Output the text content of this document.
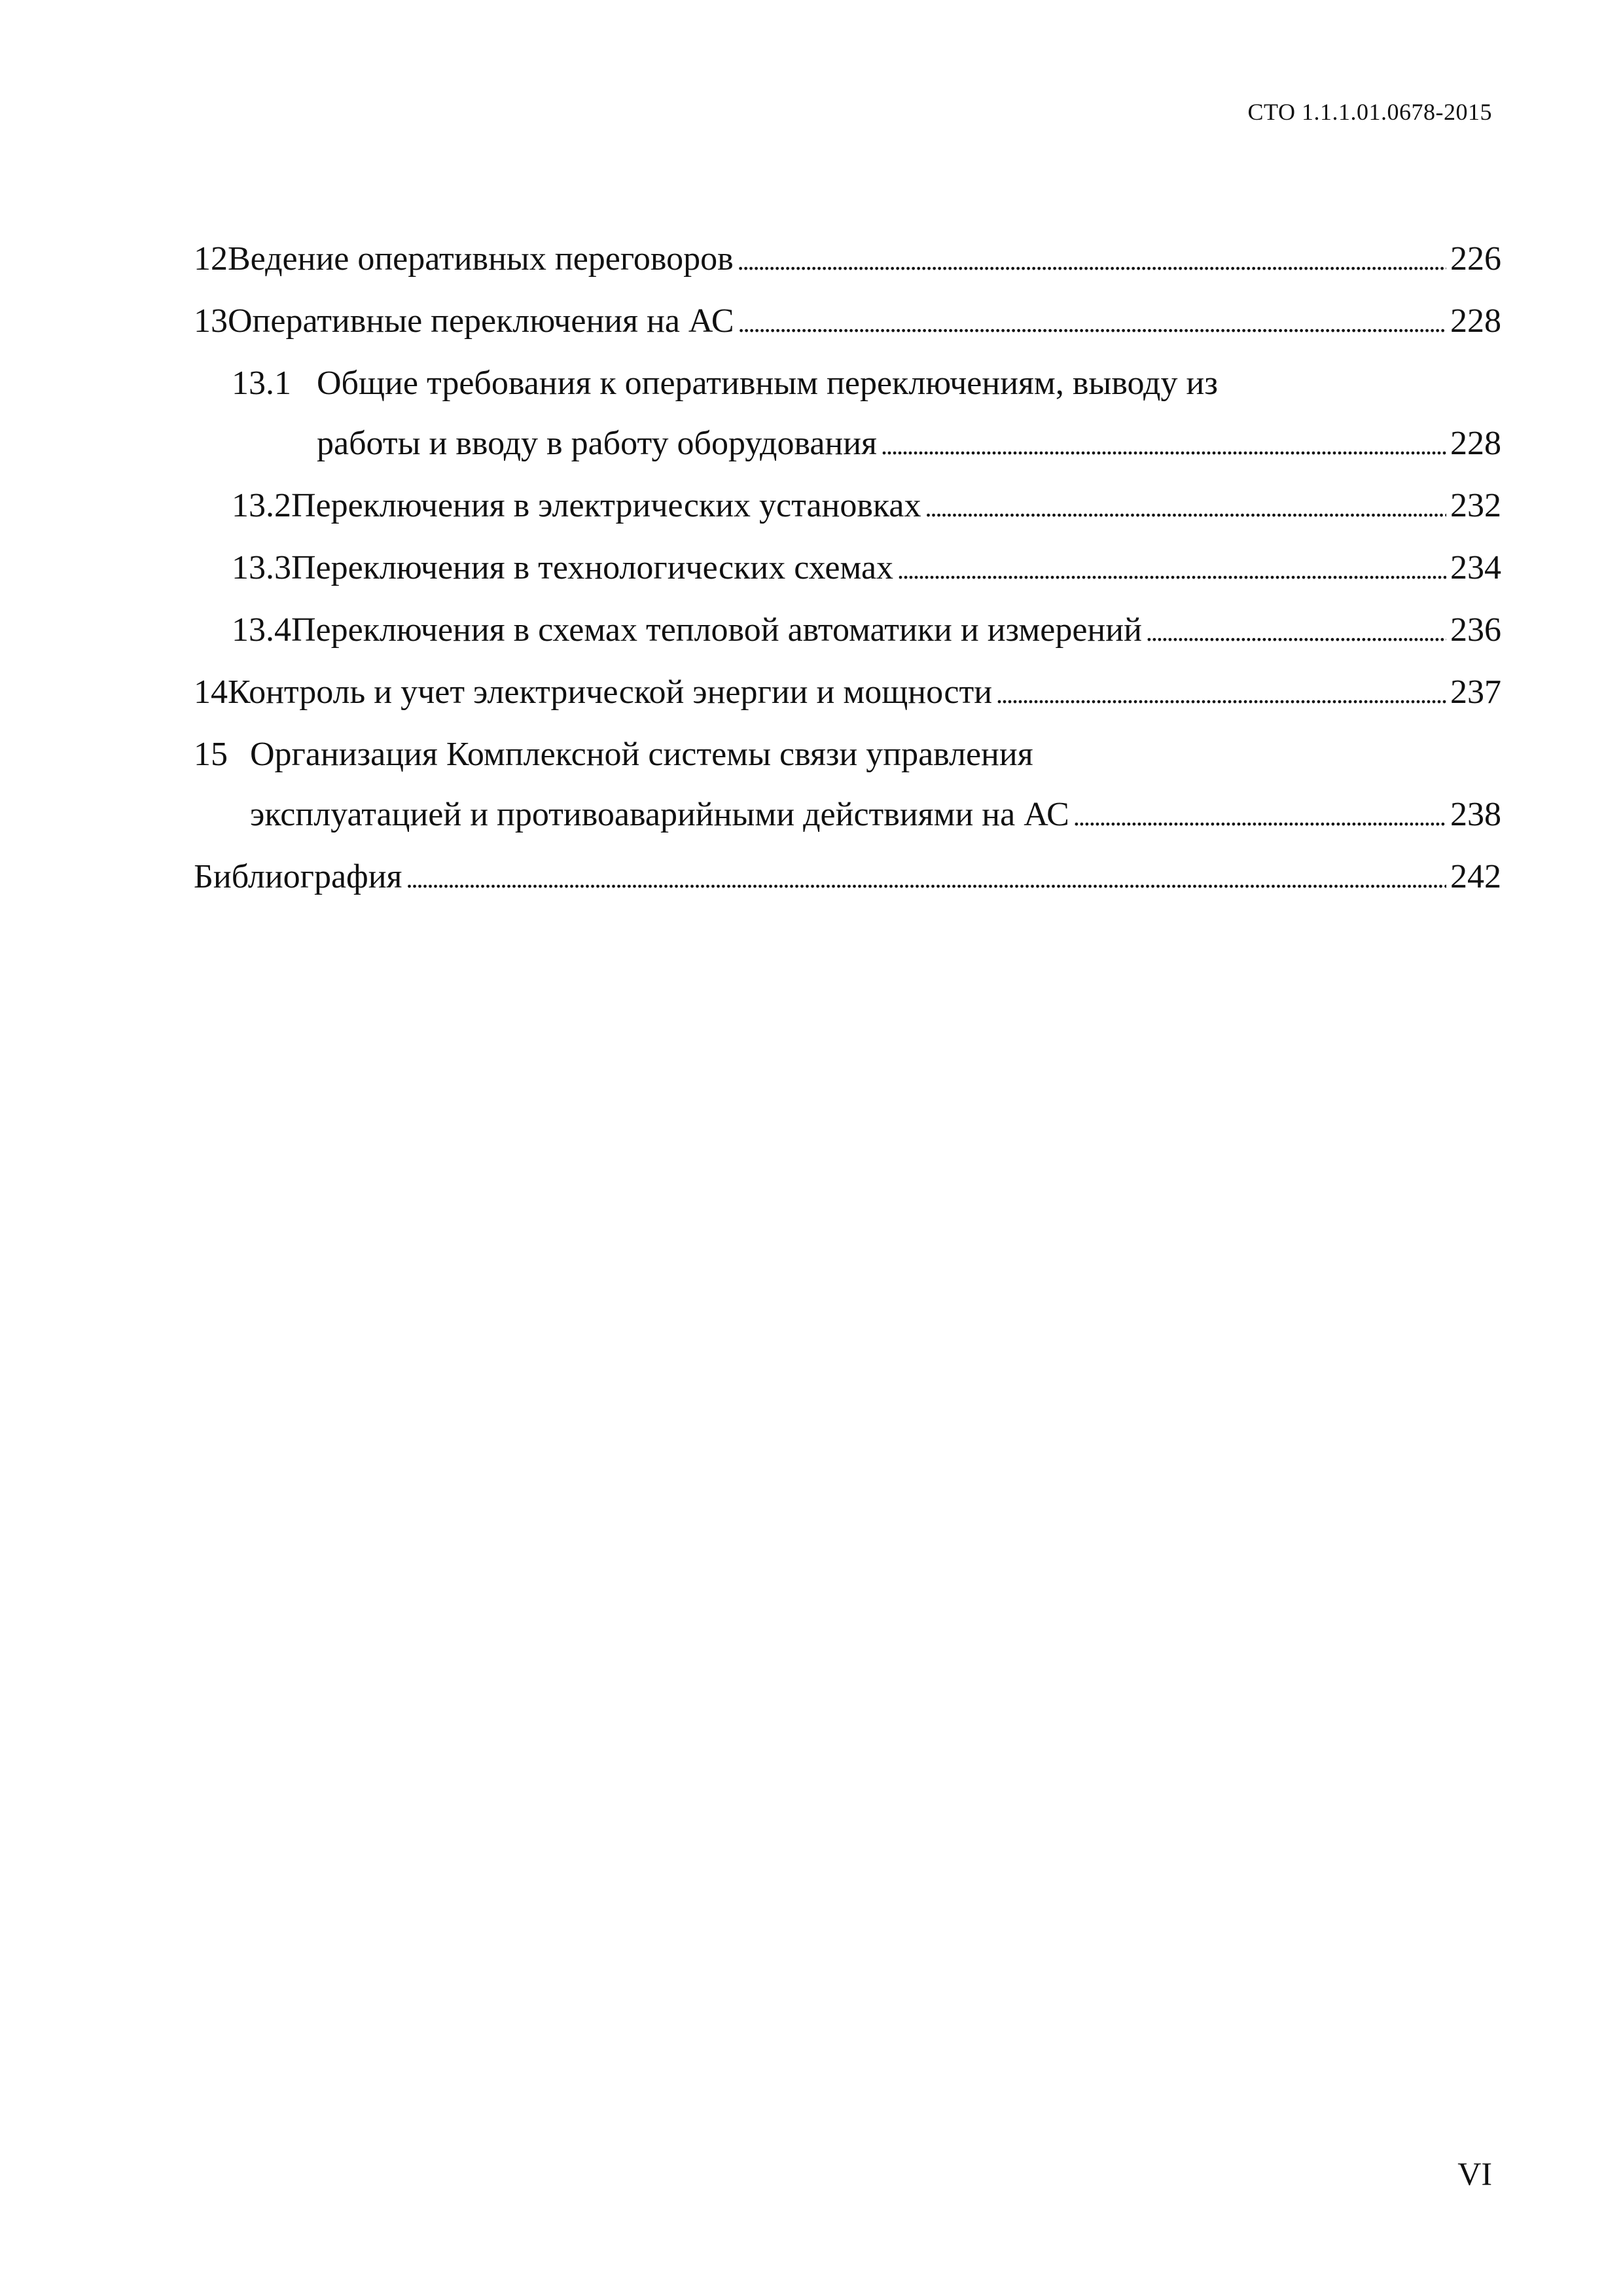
СТО 1.1.1.01.0678-2015
12 Ведение оперативных переговоров . . .	226
13 Оперативные переключения на АС . . .	228
13.1 Общие требования к оперативным переключениям, выводу из
работы и вводу в работу оборудования . . .	228
13.2 Переключения в электрических установках . . .	232
13.3 Переключения в технологических схемах . . .	234
13.4 Переключения в схемах тепловой автоматики и измерений . . .	236
14 Контроль и учет электрической энергии и мощности . . .	237
15 Организация Комплексной системы связи управления
эксплуатацией и противоаварийными действиями на АС . . .	238
Библиография . . .	242
VI
